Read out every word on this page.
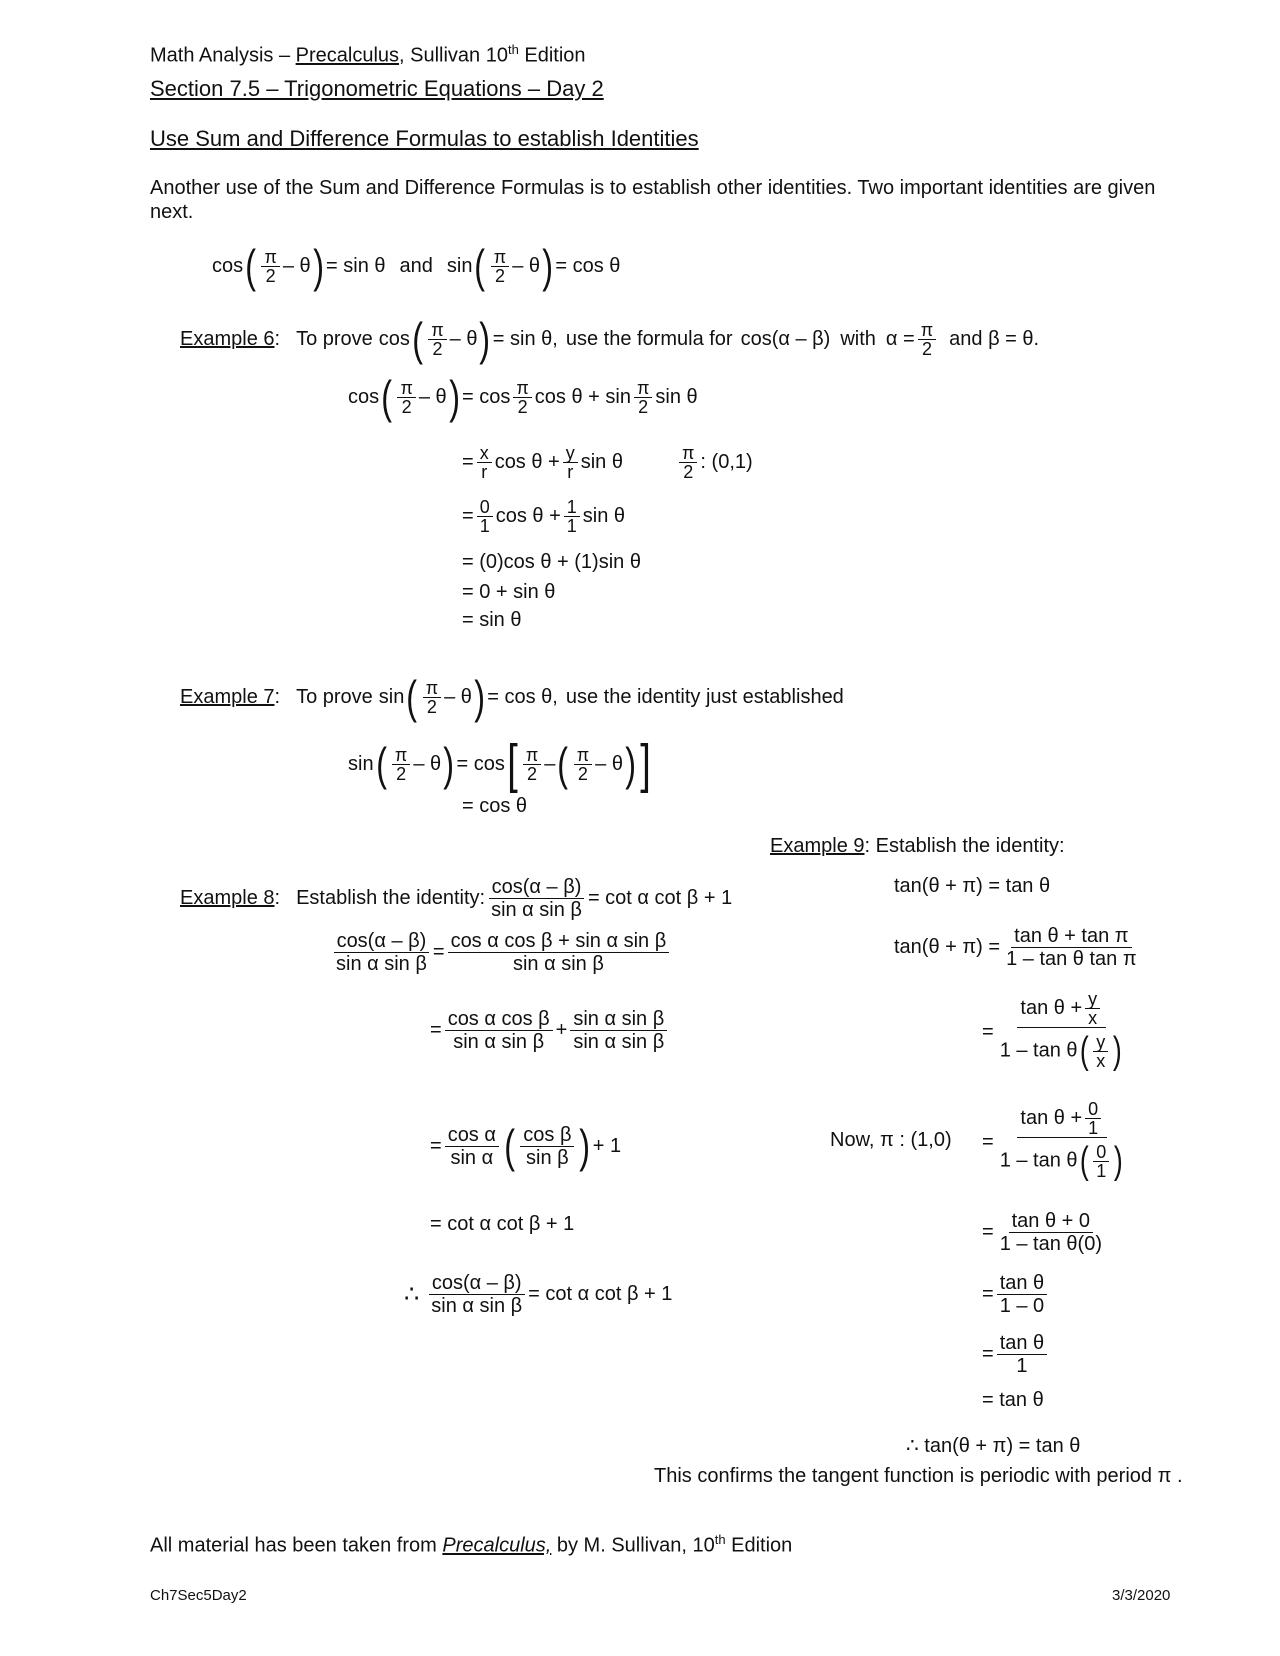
Math Analysis – Precalculus, Sullivan 10th Edition
Section 7.5 – Trigonometric Equations – Day 2
Use Sum and Difference Formulas to establish Identities
Another use of the Sum and Difference Formulas is to establish other identities. Two important identities are given
next.
cos ( $\frac{\pi}{2}$ – θ ) = sin θ and sin ( $\frac{\pi}{2}$ – θ ) = cos θ
Example 6 : To prove cos ( $\frac{\pi}{2}$ – θ ) = sin θ, use the formula for cos(α – β) with $\alpha = \frac{\pi}{2}$ and β = θ.
cos ( $\frac{\pi}{2}$ – θ ) = $\cos \frac{\pi}{2}$ $\cos \theta + \sin \frac{\pi}{2}$ sin θ
= $\frac{x}{r}$ $\cos \theta + \frac{y}{r}$ sin θ	$\frac{\pi}{2}$ : (0,1)
= $\frac{0}{1}$ $\cos \theta + \frac{1}{1}$ sin θ
= (0)cos θ + (1)sin θ
= 0 + sin θ
= sin θ
Example 7 : To prove sin ( $\frac{\pi}{2}$ – θ ) = cos θ, use the identity just established
sin ( $\frac{\pi}{2}$ – θ ) = cos [ $\frac{\pi}{2}$ – ( $\frac{\pi}{2}$ – θ ) ]
= cos θ
Example 8 : Establish the identity: $\frac{\cos(\alpha - \beta)}{\text{sin α sin β}} = \cot \alpha$ cot β + 1
$\frac{\cos(\alpha - \beta)}{\text{sin α sin β}} = \frac{\text{cos α cos β + sin α sin β}}{\text{sin α sin β}}$
= $\frac{\text{cos α cos β}}{\text{sin α sin β}} + \frac{\text{sin α sin β}}{\text{sin α sin β}}$
= $\frac{\text{cos α}}{\text{sin α}}$ ( $\frac{\text{cos β}}{\text{sin β}}$ ) + 1
= cot α cot β + 1
∴ $\frac{\cos(\alpha - \beta)}{\text{sin α sin β}} = \cot \alpha$ cot β + 1
Example 9: Establish the identity:
tan(θ + π) = tan θ
$\tan(\theta + \pi) = \frac{\text{tan θ + tan π}}{\text{1 – tan θ tan π}}$
= $\frac{\tan \theta + \frac{y}{x}}{1 - \tan \theta ( \frac{y}{x} )}$
Now, π : $(1,0) = \frac{\tan \theta + \frac{0}{1}}{1 - \tan \theta ( \frac{0}{1} )}$
= $\frac{\text{tan θ + 0}}{\text{1 – tan θ(0)}}$
= $\frac{\text{tan θ}}{1 - 0}$
= $\frac{\text{tan θ}}{1}$
= tan θ
∴ tan(θ + π) = tan θ
This confirms the tangent function is periodic with period π .
All material has been taken from Precalculus, by M. Sullivan, 10th Edition
Ch7Sec5Day2	3/3/2020
